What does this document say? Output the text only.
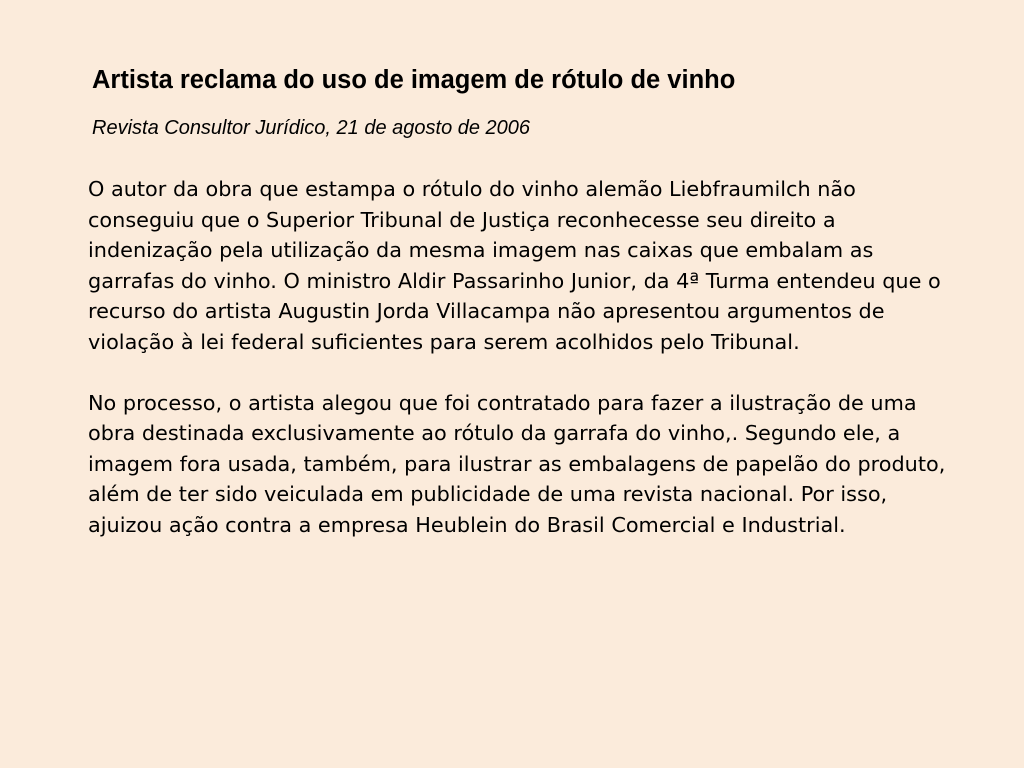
Artista reclama do uso de imagem de rótulo de vinho

Revista Consultor Jurídico, 21 de agosto de 2006

O autor da obra que estampa o rótulo do vinho alemão Liebfraumilch não conseguiu que o Superior Tribunal de Justiça reconhecesse seu direito a indenização pela utilização da mesma imagem nas caixas que embalam as garrafas do vinho. O ministro Aldir Passarinho Junior, da 4ª Turma entendeu que o recurso do artista Augustin Jorda Villacampa não apresentou argumentos de violação à lei federal suficientes para serem acolhidos pelo Tribunal.

No processo, o artista alegou que foi contratado para fazer a ilustração de uma obra destinada exclusivamente ao rótulo da garrafa do vinho,. Segundo ele, a imagem fora usada, também, para ilustrar as embalagens de papelão do produto, além de ter sido veiculada em publicidade de uma revista nacional. Por isso, ajuizou ação contra a empresa Heublein do Brasil Comercial e Industrial.
